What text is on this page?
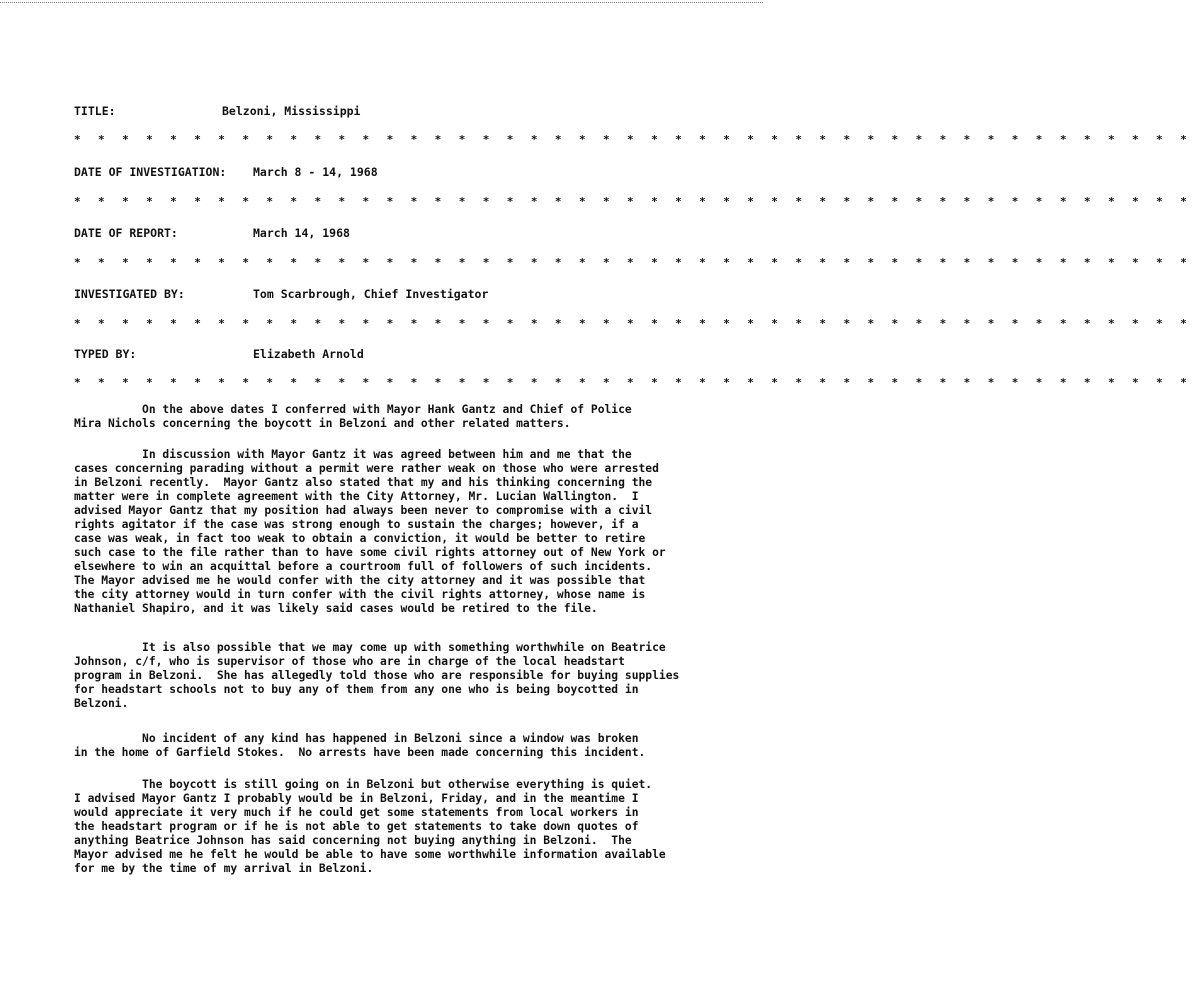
TITLE:	Belzoni, Mississippi
* * * * * * * * * * * * * * * * * * * * * * * * * * * * * * * * * * * * * * * * * * * * * * *
DATE OF INVESTIGATION: March 8 - 14, 1968
* * * * * * * * * * * * * * * * * * * * * * * * * * * * * * * * * * * * * * * * * * * * * * *
DATE OF REPORT:	March 14, 1968
* * * * * * * * * * * * * * * * * * * * * * * * * * * * * * * * * * * * * * * * * * * * * * *
INVESTIGATED BY:	Tom Scarbrough, Chief Investigator
* * * * * * * * * * * * * * * * * * * * * * * * * * * * * * * * * * * * * * * * * * * * * * *
TYPED BY:	Elizabeth Arnold
* * * * * * * * * * * * * * * * * * * * * * * * * * * * * * * * * * * * * * * * * * * * * * *

On the above dates I conferred with Mayor Hank Gantz and Chief of Police

Mira Nichols concerning the boycott in Belzoni and other related matters.

In discussion with Mayor Gantz it was agreed between him and me that the

cases concerning parading without a permit were rather weak on those who were arrested

in Belzoni recently.  Mayor Gantz also stated that my and his thinking concerning the

matter were in complete agreement with the City Attorney, Mr. Lucian Wallington.  I

advised Mayor Gantz that my position had always been never to compromise with a civil

rights agitator if the case was strong enough to sustain the charges; however, if a

case was weak, in fact too weak to obtain a conviction, it would be better to retire

such case to the file rather than to have some civil rights attorney out of New York or

elsewhere to win an acquittal before a courtroom full of followers of such incidents.

The Mayor advised me he would confer with the city attorney and it was possible that

the city attorney would in turn confer with the civil rights attorney, whose name is

Nathaniel Shapiro, and it was likely said cases would be retired to the file.

It is also possible that we may come up with something worthwhile on Beatrice

Johnson, c/f, who is supervisor of those who are in charge of the local headstart

program in Belzoni.  She has allegedly told those who are responsible for buying supplies

for headstart schools not to buy any of them from any one who is being boycotted in

Belzoni.

No incident of any kind has happened in Belzoni since a window was broken

in the home of Garfield Stokes.  No arrests have been made concerning this incident.

The boycott is still going on in Belzoni but otherwise everything is quiet.

I advised Mayor Gantz I probably would be in Belzoni, Friday, and in the meantime I

would appreciate it very much if he could get some statements from local workers in

the headstart program or if he is not able to get statements to take down quotes of

anything Beatrice Johnson has said concerning not buying anything in Belzoni.  The

Mayor advised me he felt he would be able to have some worthwhile information available

for me by the time of my arrival in Belzoni.
